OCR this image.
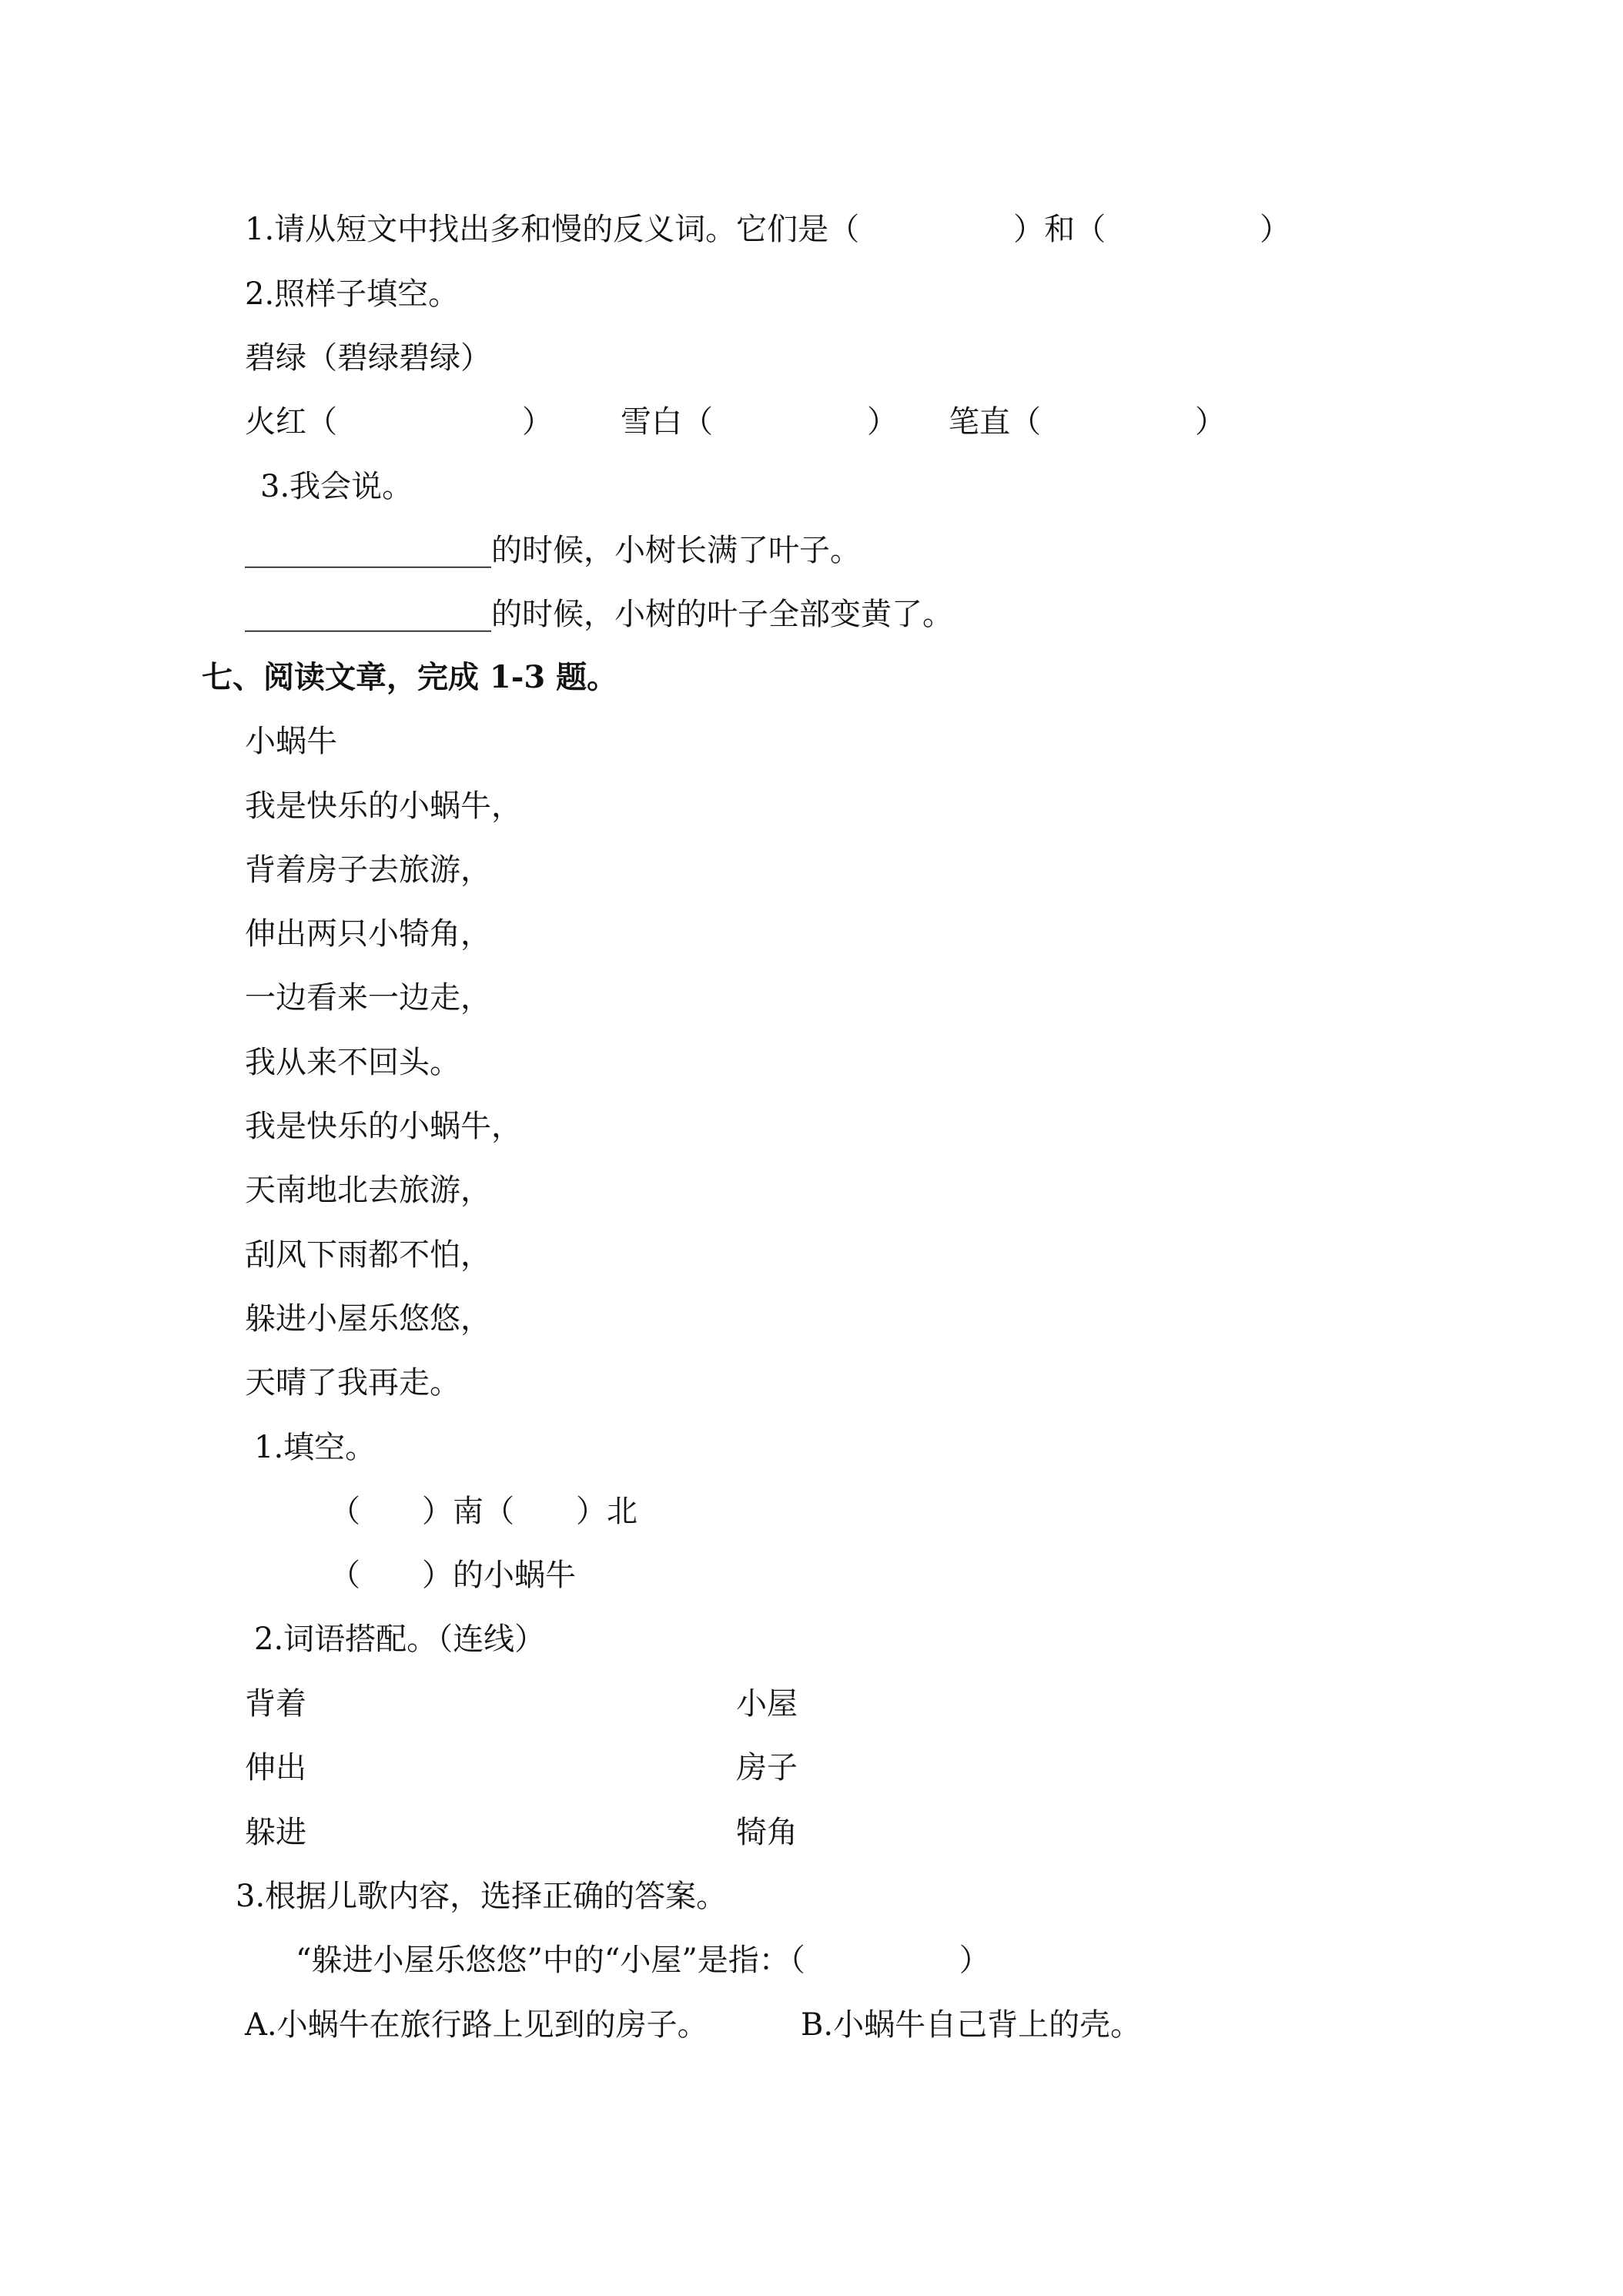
1.请从短文中找出多和慢的反义词。它们是（　　　　　）和（　　　　　）
2.照样子填空。
碧绿（碧绿碧绿）
火红（　　　　　　） 雪白（　　　　　） 笔直（　　　　　）
3.我会说。
________________的时候，小树长满了叶子。
________________的时候，小树的叶子全部变黄了。
七、阅读文章，完成 1-3 题。
小蜗牛
我是快乐的小蜗牛，
背着房子去旅游，
伸出两只小犄角，
一边看来一边走，
我从来不回头。
我是快乐的小蜗牛，
天南地北去旅游，
刮风下雨都不怕，
躲进小屋乐悠悠，
天晴了我再走。
1.填空。
（　　）南（　　）北
（　　）的小蜗牛
2.词语搭配。（连线）
背着	小屋
伸出	房子
躲进	犄角
3.根据儿歌内容，选择正确的答案。
“躲进小屋乐悠悠”中的“小屋”是指：（　　　　　）
A.小蜗牛在旅行路上见到的房子。	B.小蜗牛自己背上的壳。
